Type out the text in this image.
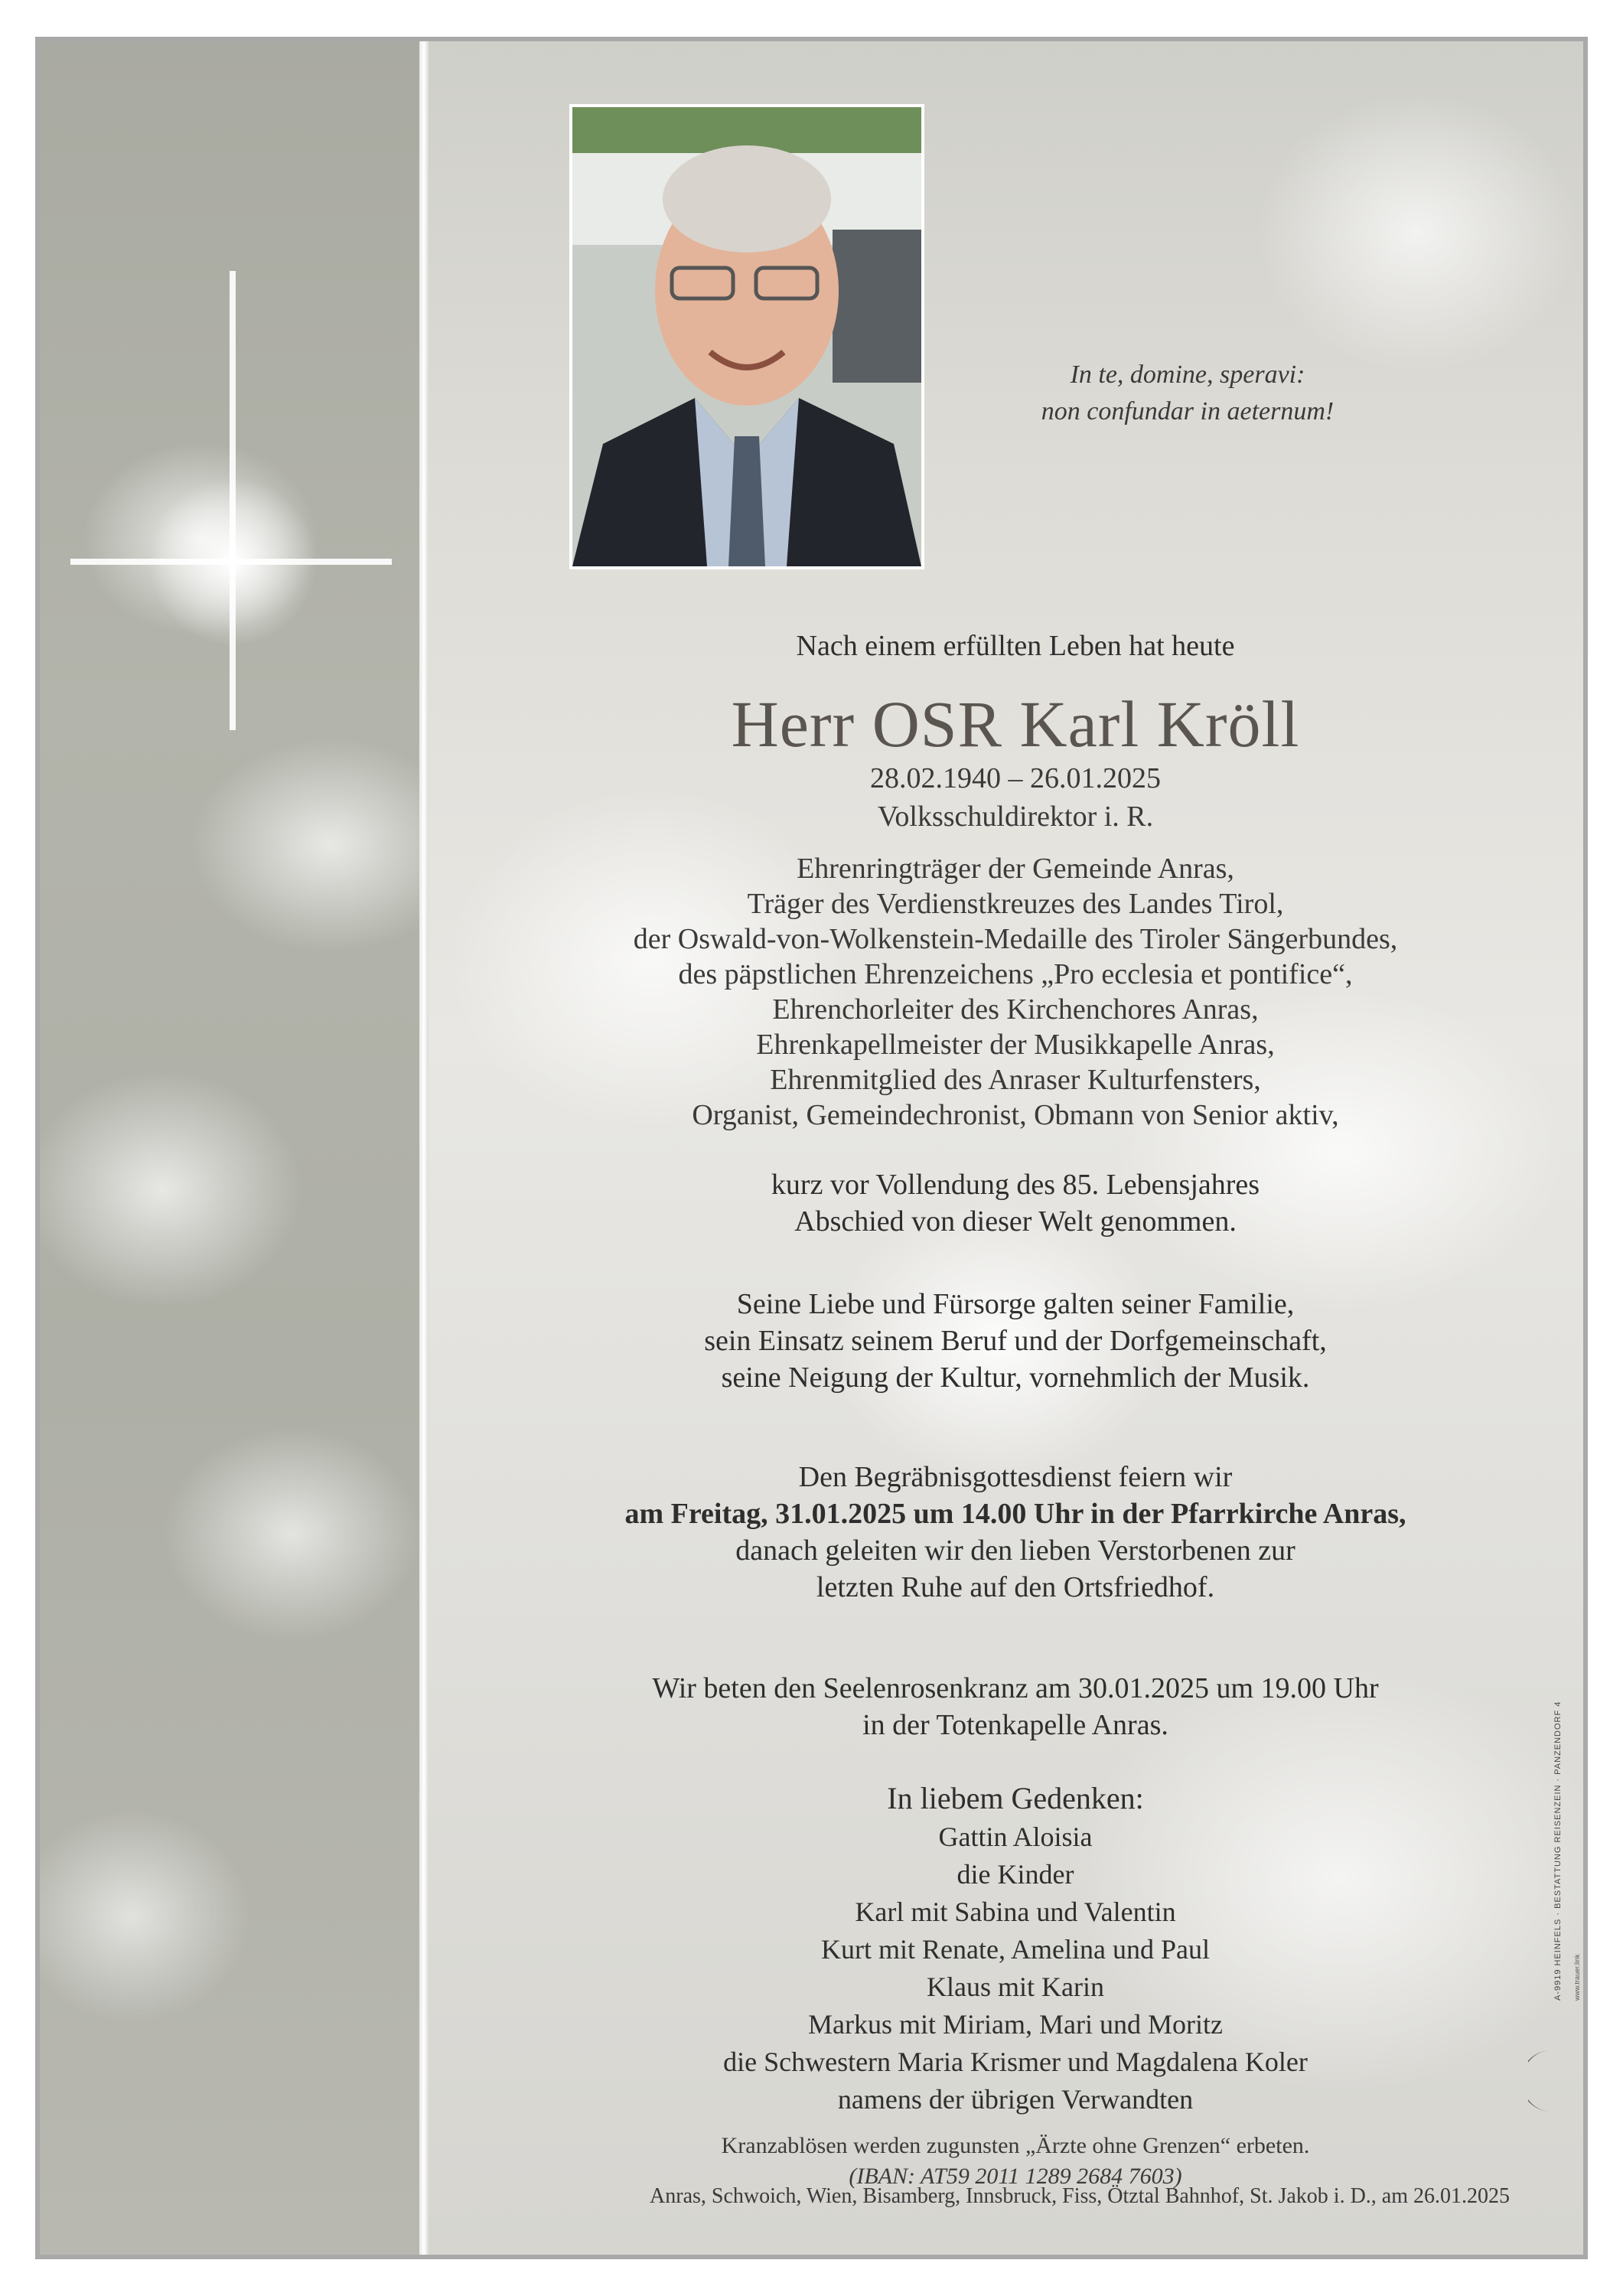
In te, domine, speravi:
non confundar in aeternum!

Nach einem erfüllten Leben hat heute

Herr OSR Karl Kröll

28.02.1940 – 26.01.2025

Volksschuldirektor i. R.

Ehrenringträger der Gemeinde Anras,
Träger des Verdienstkreuzes des Landes Tirol,
der Oswald-von-Wolkenstein-Medaille des Tiroler Sängerbundes,
des päpstlichen Ehrenzeichens „Pro ecclesia et pontifice“,
Ehrenchorleiter des Kirchenchores Anras,
Ehrenkapellmeister der Musikkapelle Anras,
Ehrenmitglied des Anraser Kulturfensters,
Organist, Gemeindechronist, Obmann von Senior aktiv,
kurz vor Vollendung des 85. Lebensjahres
Abschied von dieser Welt genommen.
Seine Liebe und Fürsorge galten seiner Familie,
sein Einsatz seinem Beruf und der Dorfgemeinschaft,
seine Neigung der Kultur, vornehmlich der Musik.
Den Begräbnisgottesdienst feiern wir
am Freitag, 31.01.2025 um 14.00 Uhr in der Pfarrkirche Anras,
danach geleiten wir den lieben Verstorbenen zur
letzten Ruhe auf den Ortsfriedhof.
Wir beten den Seelenrosenkranz am 30.01.2025 um 19.00 Uhr
in der Totenkapelle Anras.
In liebem Gedenken:
Gattin Aloisia
die Kinder
Karl mit Sabina und Valentin
Kurt mit Renate, Amelina und Paul
Klaus mit Karin
Markus mit Miriam, Mari und Moritz
die Schwestern Maria Krismer und Magdalena Koler
namens der übrigen Verwandten
Kranzablösen werden zugunsten „Ärzte ohne Grenzen“ erbeten.
(IBAN: AT59 2011 1289 2684 7603)
Anras, Schwoich, Wien, Bisamberg, Innsbruck, Fiss, Ötztal Bahnhof, St. Jakob i. D., am 26.01.2025
A-9919 HEINFELS · BESTATTUNG REISENZEIN · PANZENDORF 4	www.trauer.link
